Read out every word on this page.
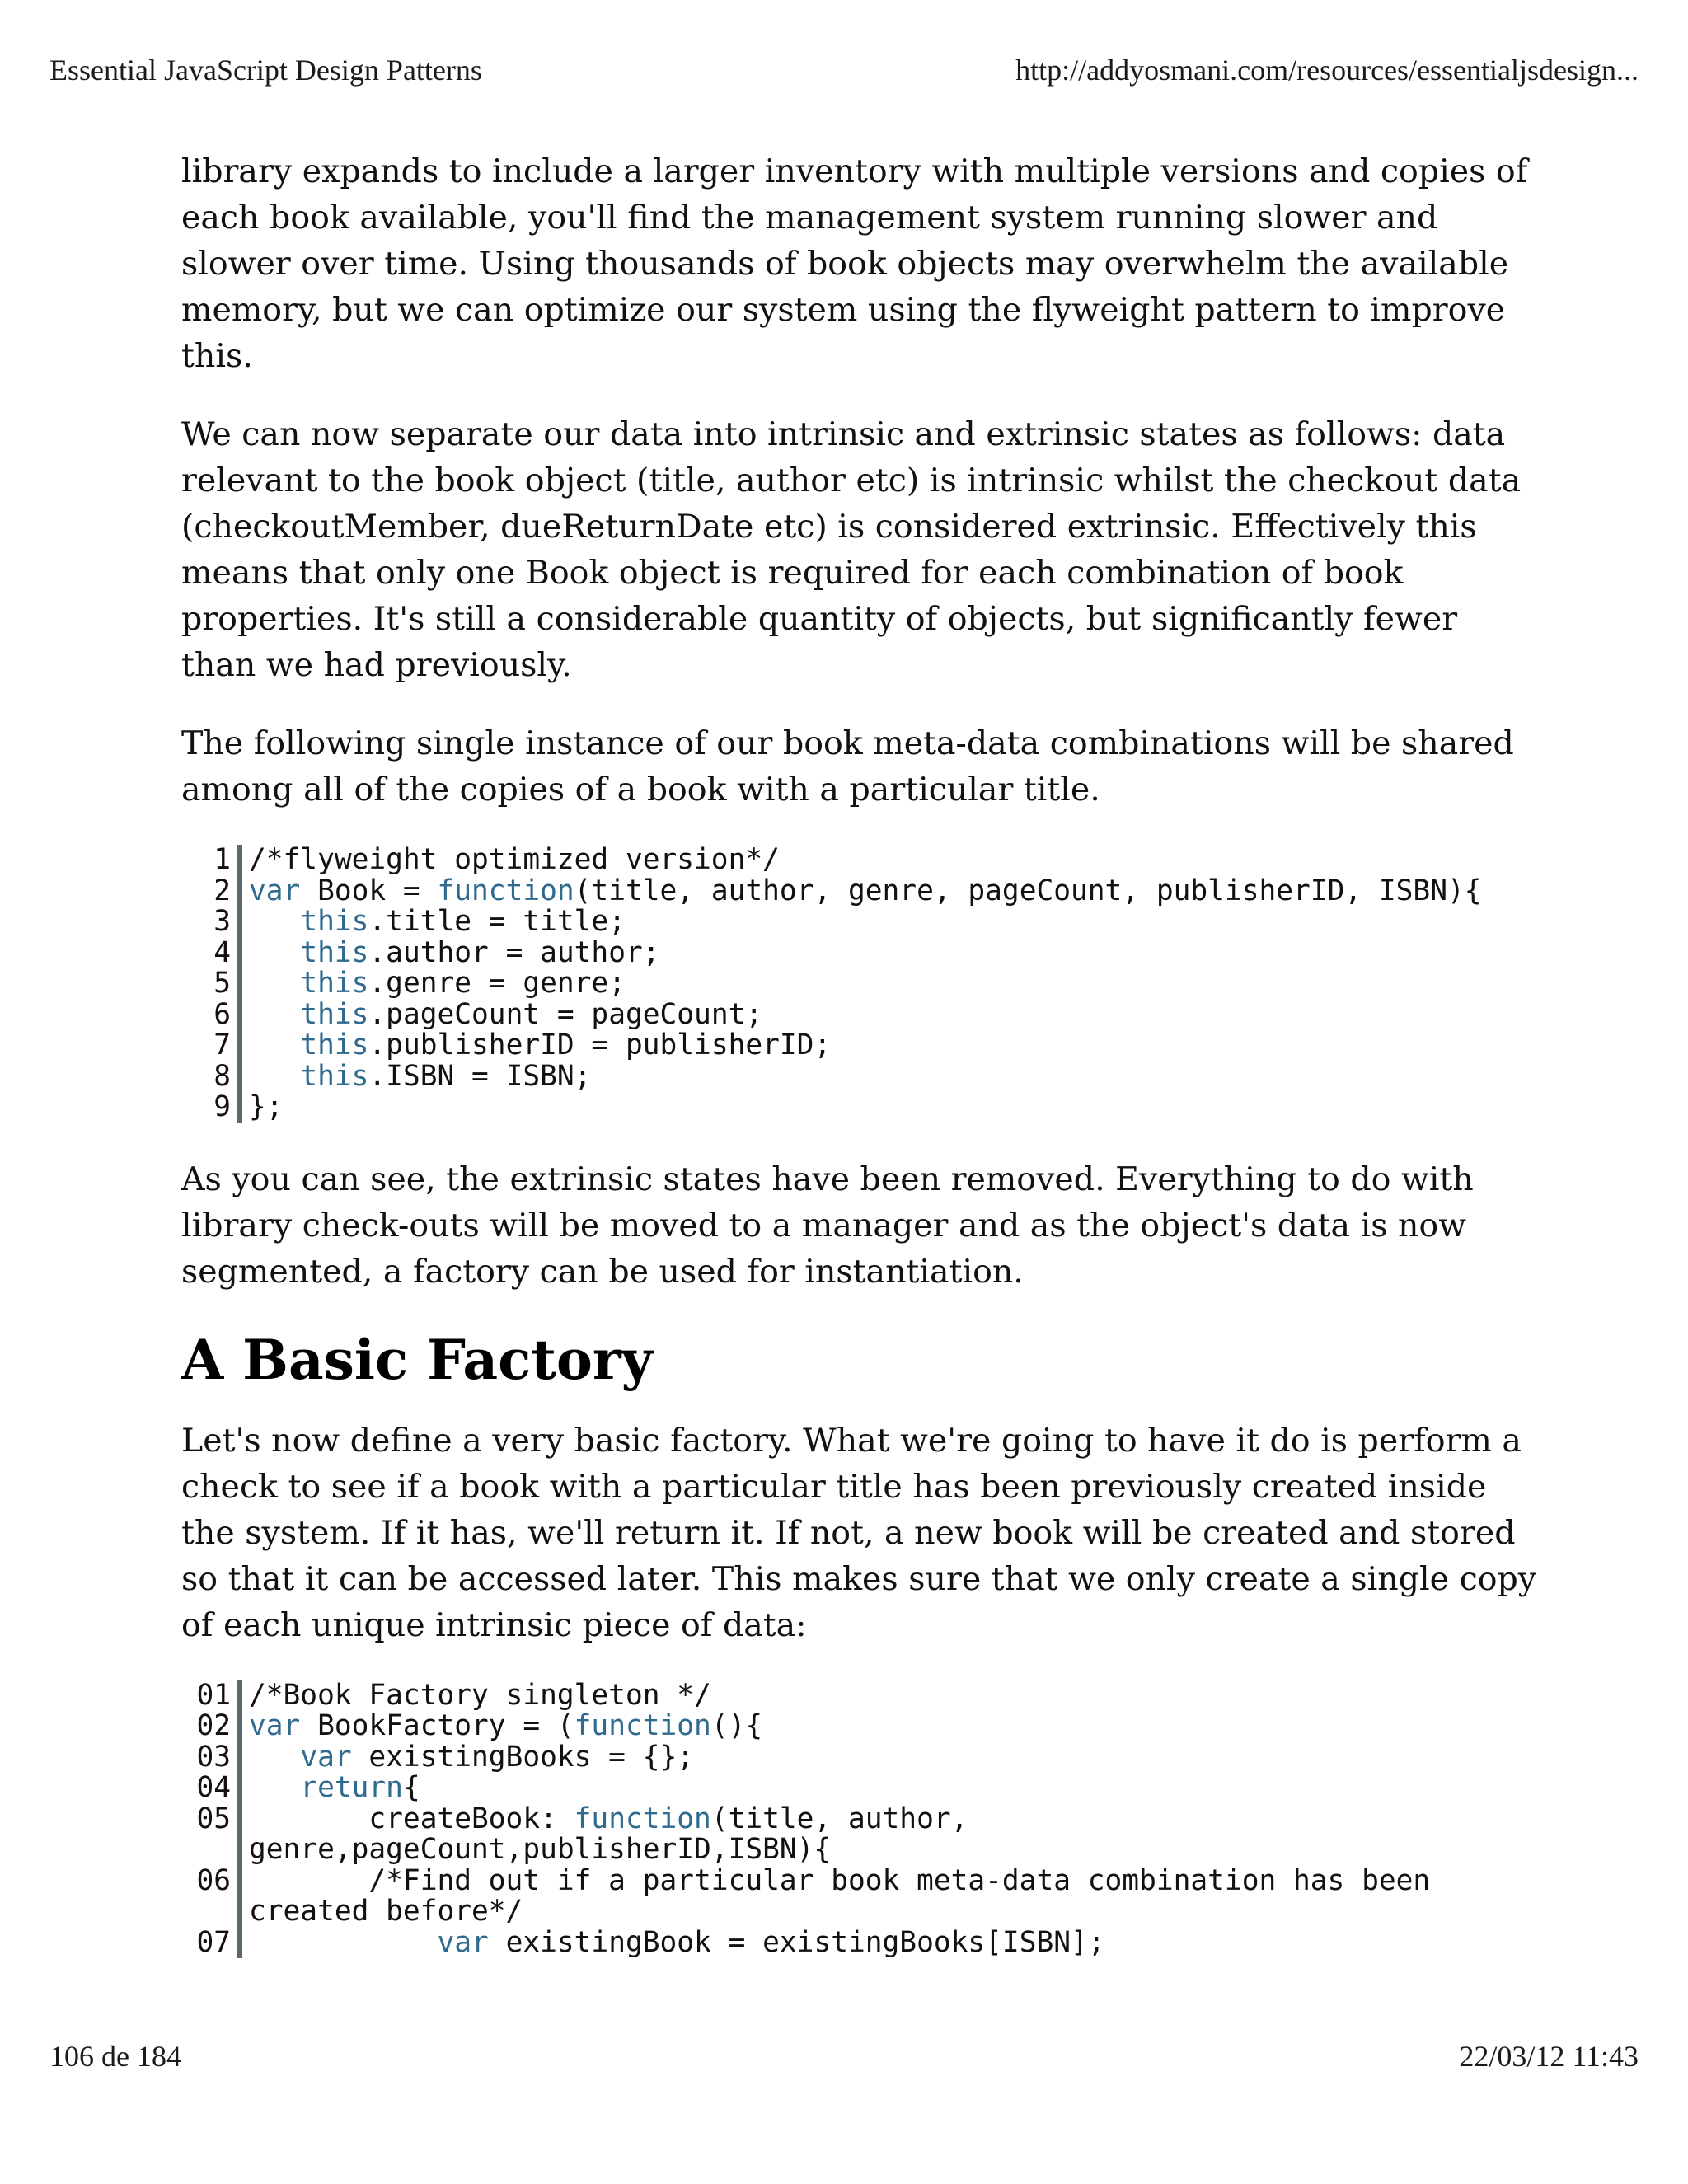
Essential JavaScript Design Patterns	http://addyosmani.com/resources/essentialjsdesign...

library expands to include a larger inventory with multiple versions and copies of each book available, you'll find the management system running slower and slower over time. Using thousands of book objects may overwhelm the available memory, but we can optimize our system using the flyweight pattern to improve this.

We can now separate our data into intrinsic and extrinsic states as follows: data relevant to the book object (title, author etc) is intrinsic whilst the checkout data (checkoutMember, dueReturnDate etc) is considered extrinsic. Effectively this means that only one Book object is required for each combination of book properties. It's still a considerable quantity of objects, but significantly fewer than we had previously.

The following single instance of our book meta-data combinations will be shared among all of the copies of a book with a particular title.

1
2
3
4
5
6
7
8
9
/*flyweight optimized version*/
var Book = function(title, author, genre, pageCount, publisherID, ISBN){
this.title = title;
this.author = author;
this.genre = genre;
this.pageCount = pageCount;
this.publisherID = publisherID;
this.ISBN = ISBN;
};

As you can see, the extrinsic states have been removed. Everything to do with library check-outs will be moved to a manager and as the object's data is now segmented, a factory can be used for instantiation.

A Basic Factory

Let's now define a very basic factory. What we're going to have it do is perform a check to see if a book with a particular title has been previously created inside the system. If it has, we'll return it. If not, a new book will be created and stored so that it can be accessed later. This makes sure that we only create a single copy of each unique intrinsic piece of data:

01
02
03
04
05

06

07
/*Book Factory singleton */
var BookFactory = (function(){
var existingBooks = {};
return{
createBook: function(title, author,
genre,pageCount,publisherID,ISBN){
/*Find out if a particular book meta-data combination has been
created before*/
var existingBook = existingBooks[ISBN];
106 de 184	22/03/12 11:43
